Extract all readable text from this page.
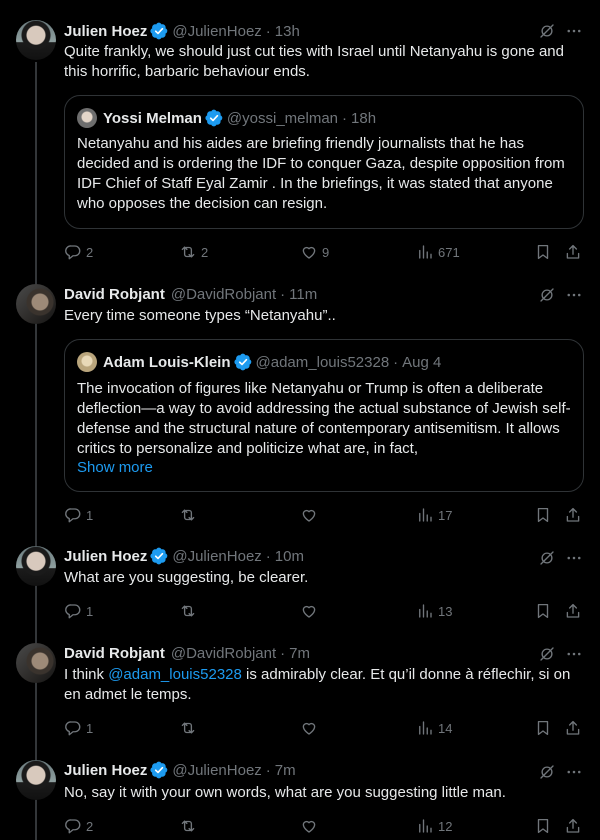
Julien Hoez @JulienHoez · 13h
Quite frankly, we should just cut ties with Israel until Netanyahu is gone and this horrific, barbaric behaviour ends.
Yossi Melman @yossi_melman · 18h
Netanyahu and his aides are briefing friendly journalists that he has decided and is ordering the IDF to conquer Gaza, despite opposition from IDF Chief of Staff Eyal Zamir . In the briefings, it was stated that anyone who opposes the decision can resign.
2	2	9	671
David Robjant @DavidRobjant · 11m
Every time someone types “Netanyahu”..
Adam Louis-Klein @adam_louis52328 · Aug 4
The invocation of figures like Netanyahu or Trump is often a deliberate deflection—a way to avoid addressing the actual substance of Jewish self-defense and the structural nature of contemporary antisemitism. It allows critics to personalize and politicize what are, in fact,
Show more
1	17
Julien Hoez @JulienHoez · 10m
What are you suggesting, be clearer.
1	13
David Robjant @DavidRobjant · 7m
I think @adam_louis52328 is admirably clear. Et qu’il donne à réflechir, si on en admet le temps.
1	14
Julien Hoez @JulienHoez · 7m
No, say it with your own words, what are you suggesting little man.
2	12
